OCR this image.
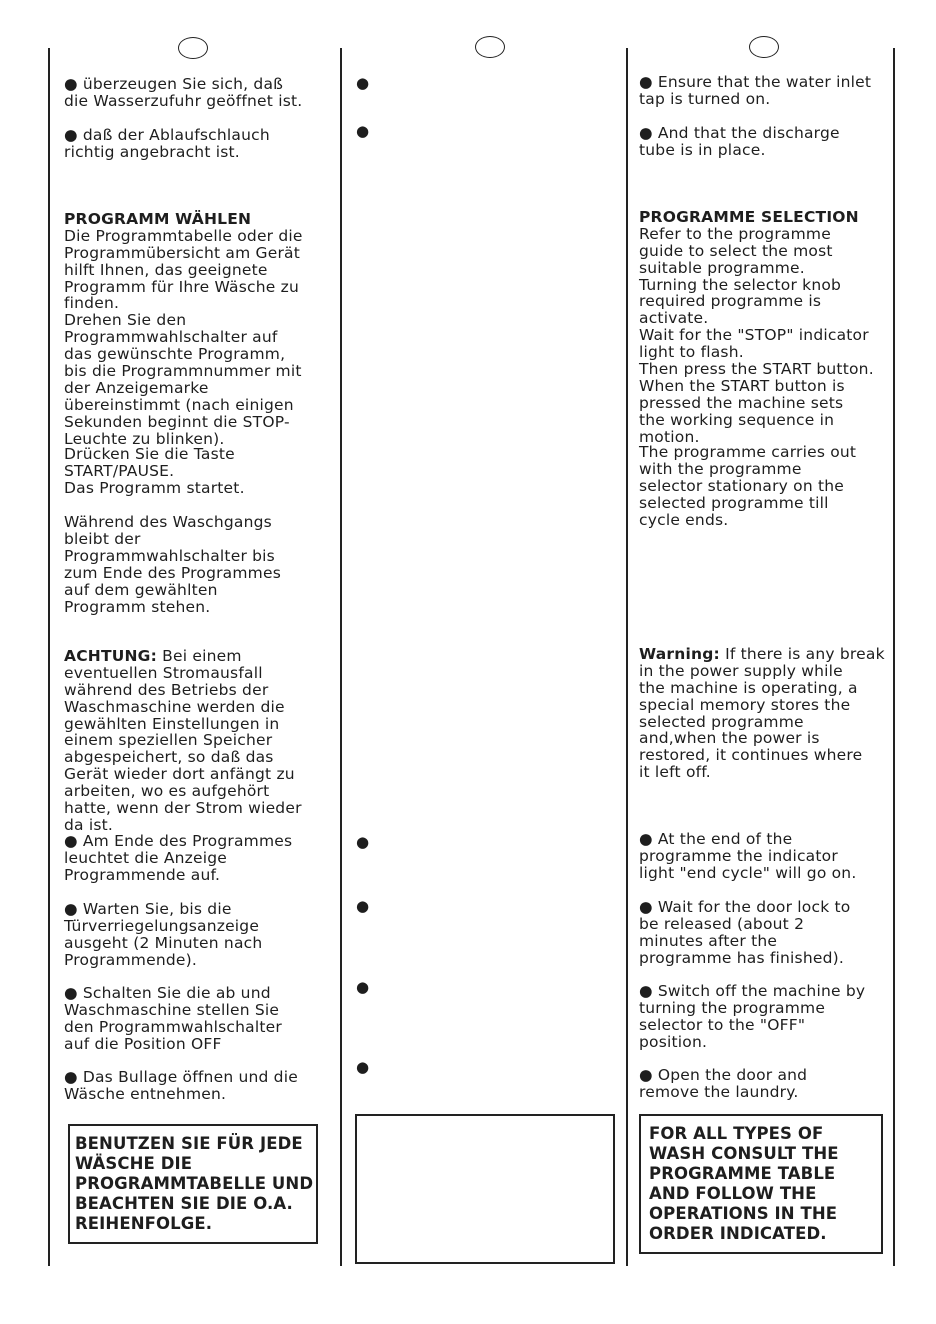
● überzeugen Sie sich, daß
die Wasserzufuhr geöffnet ist.

● daß der Ablaufschlauch
richtig angebracht ist.

PROGRAMM WÄHLEN
Die Programmtabelle oder die
Programmübersicht am Gerät
hilft Ihnen, das geeignete
Programm für Ihre Wäsche zu
finden.
Drehen Sie den
Programmwahlschalter auf
das gewünschte Programm,
bis die Programmnummer mit
der Anzeigemarke
übereinstimmt (nach einigen
Sekunden beginnt die STOP-
Leuchte zu blinken).

Drücken Sie die Taste
START/PAUSE.
Das Programm startet.

Während des Waschgangs
bleibt der
Programmwahlschalter bis
zum Ende des Programmes
auf dem gewählten
Programm stehen.

ACHTUNG: Bei einem
eventuellen Stromausfall
während des Betriebs der
Waschmaschine werden die
gewählten Einstellungen in
einem speziellen Speicher
abgespeichert, so daß das
Gerät wieder dort anfängt zu
arbeiten, wo es aufgehört
hatte, wenn der Strom wieder
da ist.

● Am Ende des Programmes
leuchtet die Anzeige
Programmende auf.

● Warten Sie, bis die
Türverriegelungsanzeige
ausgeht (2 Minuten nach
Programmende).

● Schalten Sie die ab und
Waschmaschine stellen Sie
den Programmwahlschalter
auf die Position OFF

● Das Bullage öffnen und die
Wäsche entnehmen.

BENUTZEN SIE FÜR JEDE
WÄSCHE DIE
PROGRAMMTABELLE UND
BEACHTEN SIE DIE O.A.
REIHENFOLGE.

●
●
●
●
●
●

● Ensure that the water inlet
tap is turned on.

● And that the discharge
tube is in place.

PROGRAMME SELECTION
Refer to the programme
guide to select the most
suitable programme.
Turning the selector knob
required programme is
activate.
Wait for the "STOP" indicator
light to flash.
Then press the START button.
When the START button is
pressed the machine sets
the working sequence in
motion.

The programme carries out
with the programme
selector stationary on the
selected programme till
cycle ends.

Warning: If there is any break
in the power supply while
the machine is operating, a
special memory stores the
selected programme
and,when the power is
restored, it continues where
it left off.

● At the end of the
programme the indicator
light "end cycle" will go on.

● Wait for the door lock to
be released (about 2
minutes after the
programme has finished).

● Switch off the machine by
turning the programme
selector to the "OFF"
position.

● Open the door and
remove the laundry.

FOR ALL TYPES OF
WASH CONSULT THE
PROGRAMME TABLE
AND FOLLOW THE
OPERATIONS IN THE
ORDER INDICATED.
